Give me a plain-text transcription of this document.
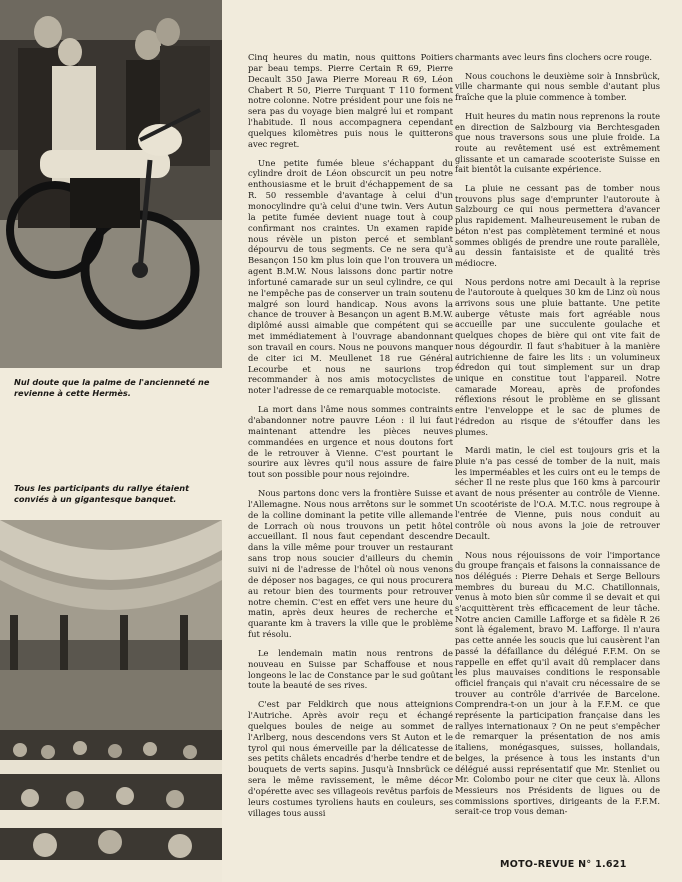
Nul doute que la palme de l'ancienneté ne revienne à cette Hermès.

Tous les participants du rallye étaient conviés à un gigantesque banquet.

Cinq heures du matin, nous quittons Poitiers par beau temps. Pierre Certain R 69, Pierre Decault 350 Jawa Pierre Moreau R 69, Léon Chabert R 50, Pierre Turquant T 110 forment notre colonne. Notre président pour une fois ne sera pas du voyage bien malgré lui et rompant l'habitude. Il nous accompagnera cependant quelques kilomètres puis nous le quitterons avec regret.

Une petite fumée bleue s'échappant du cylindre droit de Léon obscurcit un peu notre enthousiasme et le bruit d'échappement de sa R. 50 ressemble d'avantage à celui d'un monocylindre qu'à celui d'une twin. Vers Autun la petite fumée devient nuage tout à coup confirmant nos craintes. Un examen rapide nous révèle un piston percé et semblant dépourvu de tous segments. Ce ne sera qu'à Besançon 150 km plus loin que l'on trouvera un agent B.M.W. Nous laissons donc partir notre infortuné camarade sur un seul cylindre, ce qui ne l'empêche pas de conserver un train soutenu malgré son lourd handicap. Nous avons la chance de trouver à Besançon un agent B.M.W. diplômé aussi aimable que compétent qui se met immédiatement à l'ouvrage abandonnant son travail en cours. Nous ne pouvons manquer de citer ici M. Meullenet 18 rue Général Lecourbe et nous ne saurions trop recommander à nos amis motocyclistes de noter l'adresse de ce remarquable motociste.

La mort dans l'âme nous sommes contraints d'abandonner notre pauvre Léon : il lui faut maintenant attendre les pièces neuves commandées en urgence et nous doutons fort de le retrouver à Vienne. C'est pourtant le sourire aux lèvres qu'il nous assure de faire tout son possible pour nous rejoindre.

Nous partons donc vers la frontière Suisse et l'Allemagne. Nous nous arrêtons sur le sommet de la colline dominant la petite ville allemande de Lorrach où nous trouvons un petit hôtel accueillant. Il nous faut cependant descendre dans la ville même pour trouver un restaurant sans trop nous soucier d'ailleurs du chemin suivi ni de l'adresse de l'hôtel où nous venons de déposer nos bagages, ce qui nous procurera au retour bien des tourments pour retrouver notre chemin. C'est en effet vers une heure du matin, après deux heures de recherche et quarante km à travers la ville que le problème fut résolu.

Le lendemain matin nous rentrons de nouveau en Suisse par Schaffouse et nous longeons le lac de Constance par le sud goûtant toute la beauté de ses rives.

C'est par Feldkirch que nous atteignions l'Autriche. Après avoir reçu et échangé quelques boules de neige au sommet de l'Arlberg, nous descendons vers St Auton et le tyrol qui nous émerveille par la délicatesse de ses petits châlets encadrés d'herbe tendre et de bouquets de verts sapins. Jusqu'à Innsbrück ce sera le même ravissement, le même décor d'opérette avec ses villageois revêtus parfois de leurs costumes tyroliens hauts en couleurs, ses villages tous aussi

charmants avec leurs fins clochers ocre rouge.

Nous couchons le deuxième soir à Innsbrück, ville charmante qui nous semble d'autant plus fraîche que la pluie commence à tomber.

Huit heures du matin nous reprenons la route en direction de Salzbourg via Berchtesgaden que nous traversons sous une pluie froide. La route au revêtement usé est extrêmement glissante et un camarade scooteriste Suisse en fait bientôt la cuisante expérience.

La pluie ne cessant pas de tomber nous trouvons plus sage d'emprunter l'autoroute à Salzbourg ce qui nous permettera d'avancer plus rapidement. Malheureusement le ruban de béton n'est pas complètement terminé et nous sommes obligés de prendre une route parallèle, au dessin fantaisiste et de qualité très médiocre.

Nous perdons notre ami Decault à la reprise de l'autoroute à quelques 30 km de Linz où nous arrivons sous une pluie battante. Une petite auberge vêtuste mais fort agréable nous accueille par une succulente goulache et quelques chopes de bière qui ont vite fait de nous dégourdir. Il faut s'habituer à la manière autrichienne de faire les lits : un volumineux édredon qui tout simplement sur un drap unique en constitue tout l'appareil. Notre camarade Moreau, après de profondes réflexions résout le problème en se glissant entre l'enveloppe et le sac de plumes de l'édredon au risque de s'étouffer dans les plumes.

Mardi matin, le ciel est toujours gris et la pluie n'a pas cessé de tomber de la nuit, mais les imperméables et les cuirs ont eu le temps de sécher Il ne reste plus que 160 kms à parcourir avant de nous présenter au contrôle de Vienne. Un scootériste de l'O.A. M.T.C. nous regroupe à l'entrée de Vienne, puis nous conduit au contrôle où nous avons la joie de retrouver Decault.

Nous nous réjouissons de voir l'importance du groupe français et faisons la connaissance de nos délégués : Pierre Dehais et Serge Bellours membres du bureau du M.C. Chatillonnais, venus à moto bien sûr comme il se devait et qui s'acquittèrent très efficacement de leur tâche. Notre ancien Camille Lafforge et sa fidèle R 26 sont là également, bravo M. Lafforge. Il n'aura pas cette année les soucis que lui causèrent l'an passé la défaillance du délégué F.F.M. On se rappelle en effet qu'il avait dû remplacer dans les plus mauvaises conditions le responsable officiel français qui n'avait cru nécessaire de se trouver au contrôle d'arrivée de Barcelone. Comprendra-t-on un jour à la F.F.M. ce que représente la participation française dans les rallyes internationaux ? On ne peut s'empêcher de remarquer la présentation de nos amis italiens, monégasques, suisses, hollandais, belges, la présence à tous les instants d'un délégué aussi représentatif que Mr. Stenliet ou Mr. Colombo pour ne citer que ceux là. Allons Messieurs nos Présidents de ligues ou de commissions sportives, dirigeants de la F.F.M. serait-ce trop vous deman-

MOTO-REVUE N° 1.621
